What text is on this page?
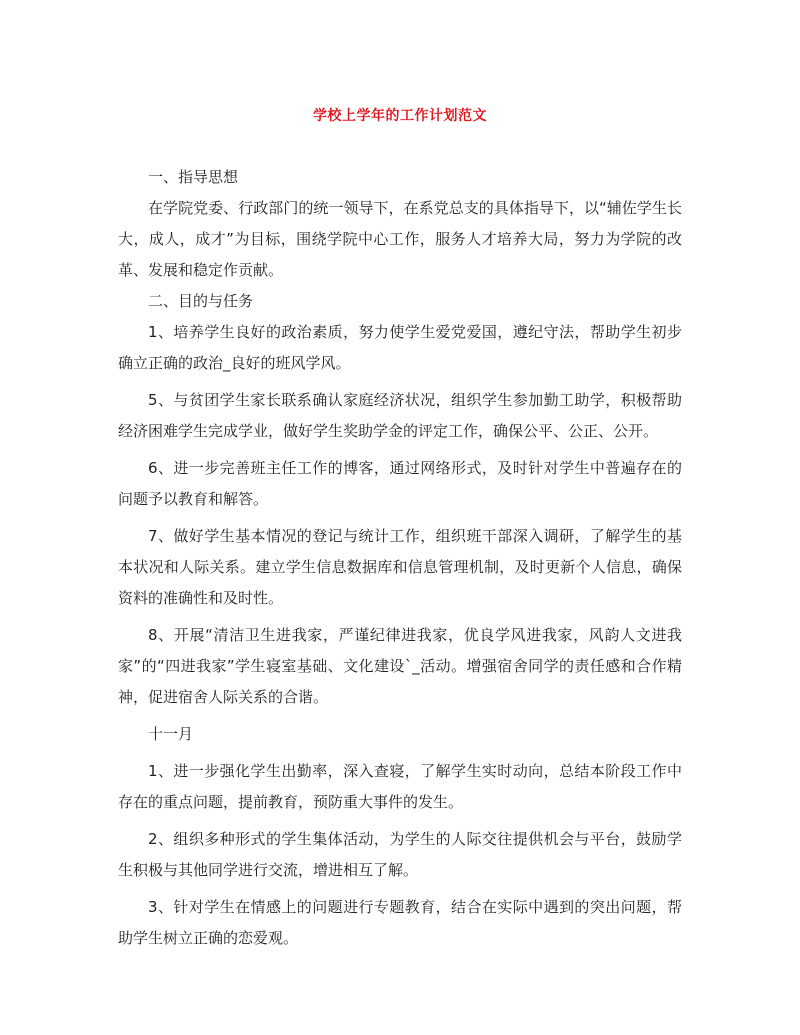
学校上学年的工作计划范文

一、指导思想

在学院党委、行政部门的统一领导下，在系党总支的具体指导下，以“辅佐学生长大，成人，成才”为目标，围绕学院中心工作，服务人才培养大局，努力为学院的改革、发展和稳定作贡献。

二、目的与任务

1、培养学生良好的政治素质，努力使学生爱党爱国，遵纪守法，帮助学生初步确立正确的政治_良好的班风学风。

5、与贫团学生家长联系确认家庭经济状况，组织学生参加勤工助学，积极帮助经济困难学生完成学业，做好学生奖助学金的评定工作，确保公平、公正、公开。

6、进一步完善班主任工作的博客，通过网络形式，及时针对学生中普遍存在的问题予以教育和解答。

7、做好学生基本情况的登记与统计工作，组织班干部深入调研，了解学生的基本状况和人际关系。建立学生信息数据库和信息管理机制，及时更新个人信息，确保资料的准确性和及时性。

8、开展“清洁卫生进我家，严谨纪律进我家，优良学风进我家，风韵人文进我家”的“四进我家”学生寝室基础、文化建设`_活动。增强宿舍同学的责任感和合作精神，促进宿舍人际关系的合谐。

十一月

1、进一步强化学生出勤率，深入查寝，了解学生实时动向，总结本阶段工作中存在的重点问题，提前教育，预防重大事件的发生。

2、组织多种形式的学生集体活动，为学生的人际交往提供机会与平台，鼓励学生积极与其他同学进行交流，增进相互了解。

3、针对学生在情感上的问题进行专题教育，结合在实际中遇到的突出问题，帮助学生树立正确的恋爱观。
